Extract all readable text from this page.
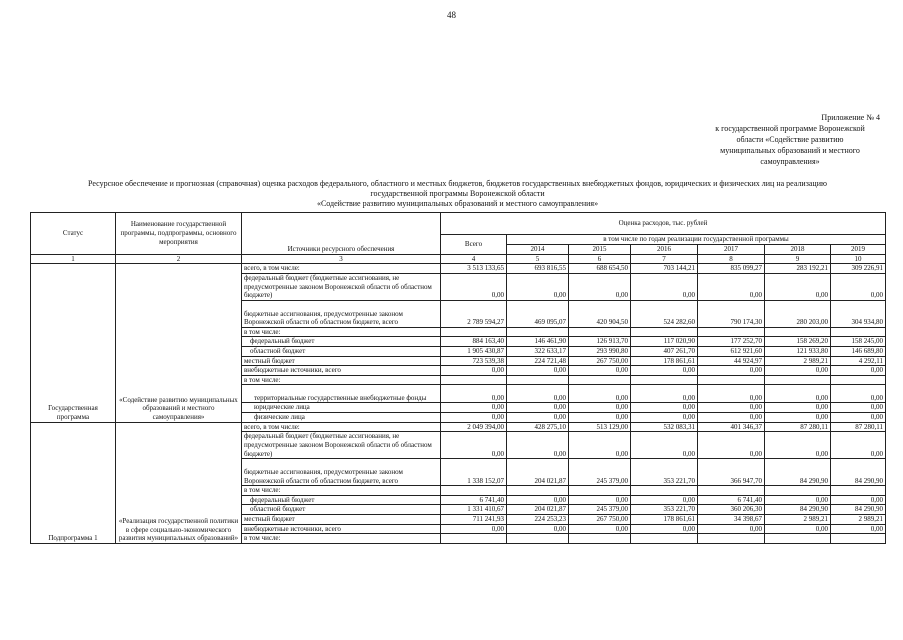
48
Приложение № 4
к государственной программе Воронежской
области «Содействие развитию
муниципальных образований и местного
самоуправления»
Ресурсное обеспечение и прогнозная (справочная) оценка расходов федерального, областного и местных бюджетов, бюджетов государственных внебюджетных фондов, юридических и физических лиц на реализацию
государственной программы Воронежской области
«Содействие развитию муниципальных образований и местного самоуправления»
Статус	Наименование государственной программы, подпрограммы, основного мероприятия	Источники ресурсного обеспечения	Оценка расходов, тыс. рублей						
			Всего	в том числе по годам реализации государственной программы					
				2014	2015	2016	2017	2018	2019
1	2	3	4	5	6	7	8	9	10
Государственная программа	«Содействие развитию муниципальных образований и местного самоуправления»	всего, в том числе:	3 513 133,65	693 816,55	688 654,50	703 144,21	835 099,27	283 192,21	309 226,91
		федеральный бюджет (бюджетные ассигнования, не предусмотренные законом Воронежской области об областном бюджете)	0,00	0,00	0,00	0,00	0,00	0,00	0,00
		бюджетные ассигнования, предусмотренные законом Воронежской области об областном бюджете, всего	2 789 594,27	469 095,07	420 904,50	524 282,60	790 174,30	280 203,00	304 934,80
		в том числе:							
		федеральный бюджет	884 163,40	146 461,90	126 913,70	117 020,90	177 252,70	158 269,20	158 245,00
		областной бюджет	1 905 430,87	322 633,17	293 990,80	407 261,70	612 921,60	121 933,80	146 689,80
		местный бюджет	723 539,38	224 721,48	267 750,00	178 861,61	44 924,97	2 989,21	4 292,11
		внебюджетные источники, всего	0,00	0,00	0,00	0,00	0,00	0,00	0,00
		в том числе:							
		территориальные государственные внебюджетные фонды	0,00	0,00	0,00	0,00	0,00	0,00	0,00
		юридические лица	0,00	0,00	0,00	0,00	0,00	0,00	0,00
		физические лица	0,00	0,00	0,00	0,00	0,00	0,00	0,00
Подпрограмма 1	«Реализация государственной политики в сфере социально-экономического развития муниципальных образований»	всего, в том числе:	2 049 394,00	428 275,10	513 129,00	532 083,31	401 346,37	87 280,11	87 280,11
		федеральный бюджет (бюджетные ассигнования, не предусмотренные законом Воронежской области об областном бюджете)	0,00	0,00	0,00	0,00	0,00	0,00	0,00
		бюджетные ассигнования, предусмотренные законом Воронежской области об областном бюджете, всего	1 338 152,07	204 021,87	245 379,00	353 221,70	366 947,70	84 290,90	84 290,90
		в том числе:							
		федеральный бюджет	6 741,40	0,00	0,00	0,00	6 741,40	0,00	0,00
		областной бюджет	1 331 410,67	204 021,87	245 379,00	353 221,70	360 206,30	84 290,90	84 290,90
		местный бюджет	711 241,93	224 253,23	267 750,00	178 861,61	34 398,67	2 989,21	2 989,21
		внебюджетные источники, всего	0,00	0,00	0,00	0,00	0,00	0,00	0,00
		в том числе:							
